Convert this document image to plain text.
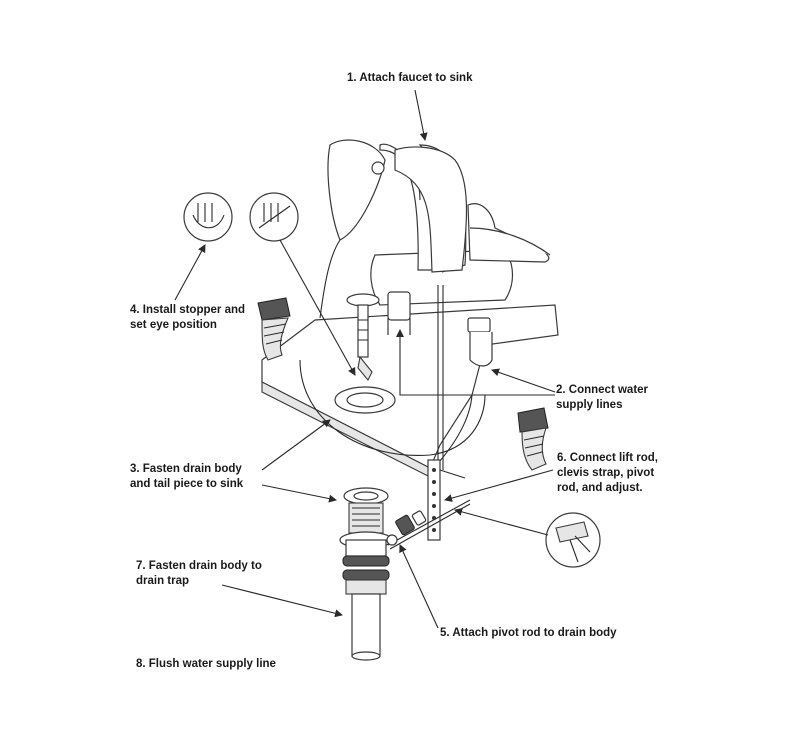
1. Attach faucet to sink
2. Connect water
supply lines
3. Fasten drain body
and tail piece to sink
4. Install stopper and
set eye position
5. Attach pivot rod to drain body
6. Connect lift rod,
clevis strap, pivot
rod, and adjust.
7. Fasten drain body to
drain trap
8. Flush water supply line
